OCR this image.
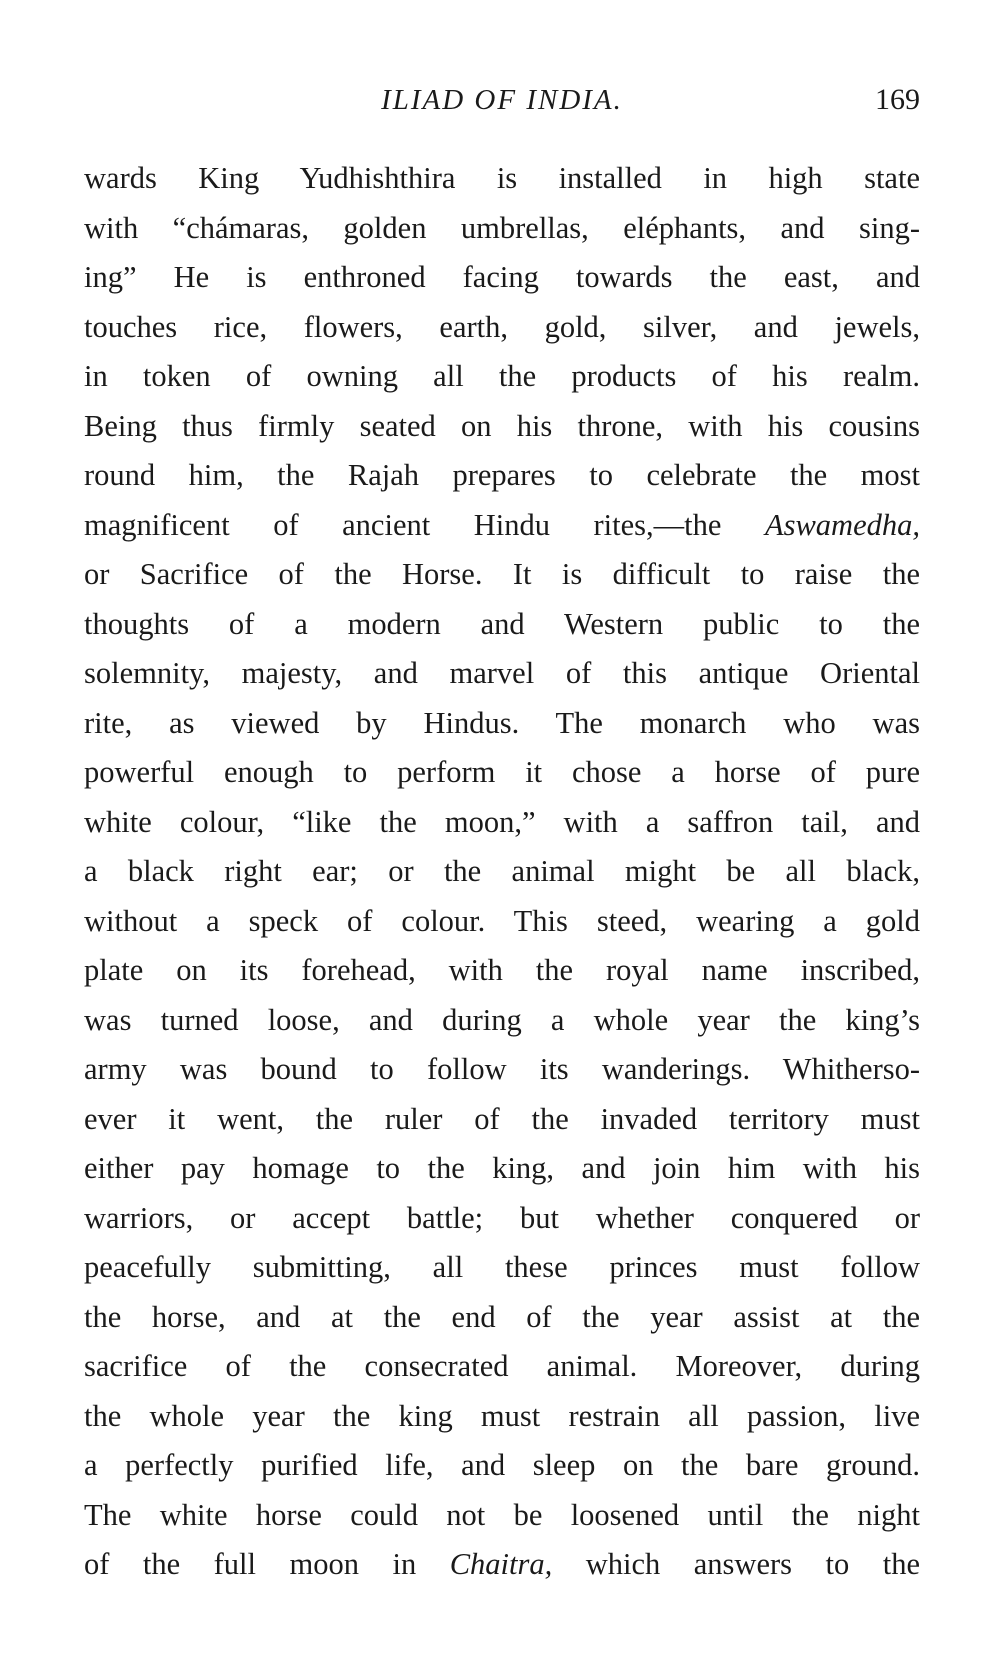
ILIAD OF INDIA.	169
wards King Yudhishthira is installed in high state
with “chámaras, golden umbrellas, eléphants, and sing-
ing” He is enthroned facing towards the east, and
touches rice, flowers, earth, gold, silver, and jewels,
in token of owning all the products of his realm.
Being thus firmly seated on his throne, with his cousins
round him, the Rajah prepares to celebrate the most
magnificent of ancient Hindu rites,—the Aswamedha,
or Sacrifice of the Horse. It is difficult to raise the
thoughts of a modern and Western public to the
solemnity, majesty, and marvel of this antique Oriental
rite, as viewed by Hindus. The monarch who was
powerful enough to perform it chose a horse of pure
white colour, “like the moon,” with a saffron tail, and
a black right ear; or the animal might be all black,
without a speck of colour. This steed, wearing a gold
plate on its forehead, with the royal name inscribed,
was turned loose, and during a whole year the king’s
army was bound to follow its wanderings. Whitherso-
ever it went, the ruler of the invaded territory must
either pay homage to the king, and join him with his
warriors, or accept battle; but whether conquered or
peacefully submitting, all these princes must follow
the horse, and at the end of the year assist at the
sacrifice of the consecrated animal. Moreover, during
the whole year the king must restrain all passion, live
a perfectly purified life, and sleep on the bare ground.
The white horse could not be loosened until the night
of the full moon in Chaitra, which answers to the
